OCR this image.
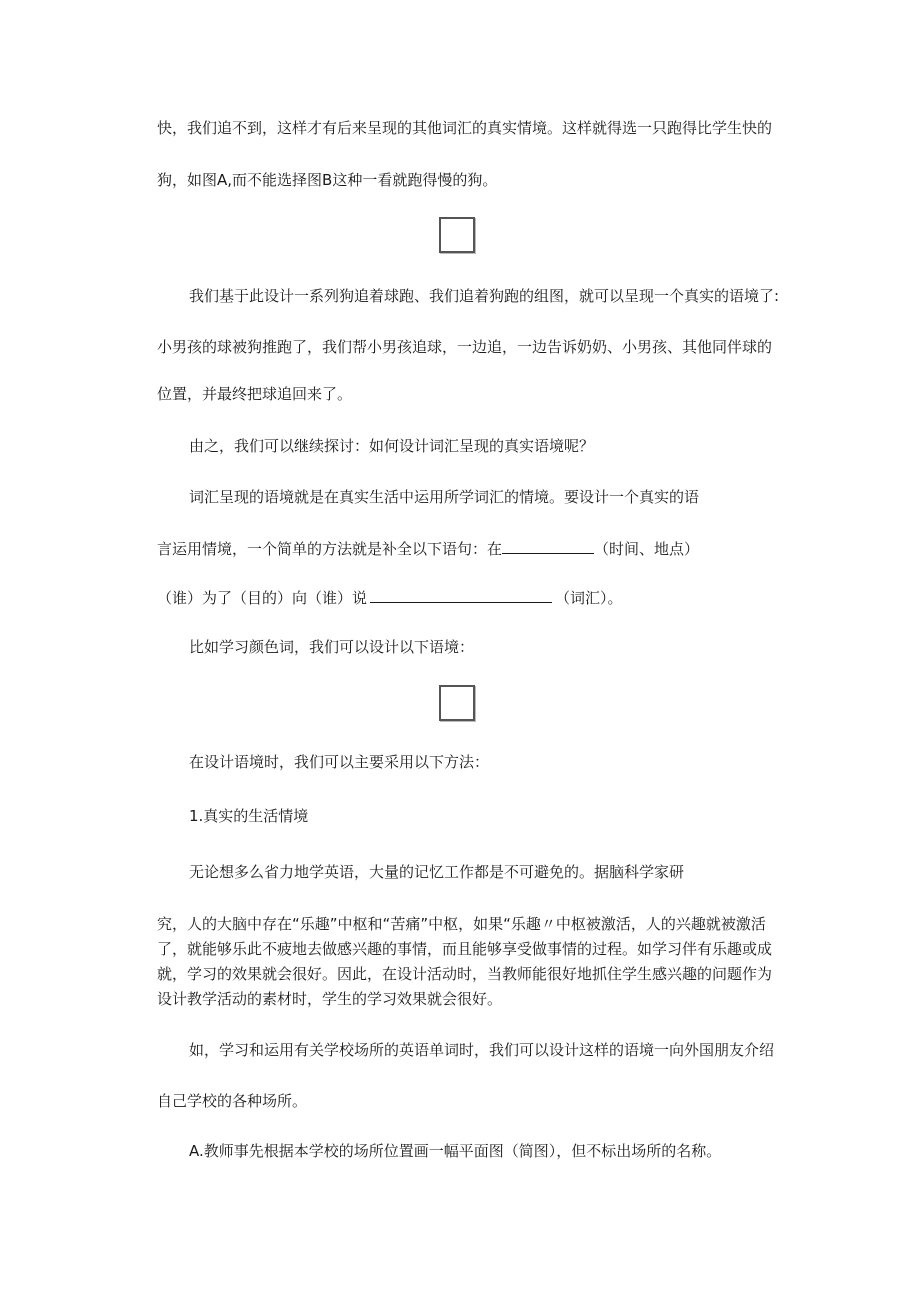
快，我们追不到，这样才有后来呈现的其他词汇的真实情境。这样就得选一只跑得比学生快的

狗，如图A,而不能选择图B这种一看就跑得慢的狗。

我们基于此设计一系列狗追着球跑、我们追着狗跑的组图，就可以呈现一个真实的语境了:

小男孩的球被狗推跑了，我们帮小男孩追球，一边追，一边告诉奶奶、小男孩、其他同伴球的

位置，并最终把球追回来了。

由之，我们可以继续探讨：如何设计词汇呈现的真实语境呢？

词汇呈现的语境就是在真实生活中运用所学词汇的情境。要设计一个真实的语

言运用情境，一个简单的方法就是补全以下语句：在	（时间、地点）

（谁）为了（目的）向（谁）说	（词汇）。

比如学习颜色词，我们可以设计以下语境：

在设计语境时，我们可以主要采用以下方法：

1.真实的生活情境

无论想多么省力地学英语，大量的记忆工作都是不可避免的。据脑科学家研

究，人的大脑中存在“乐趣”中枢和“苦痛”中枢，如果“乐趣〃中枢被激活，人的兴趣就被激活

了，就能够乐此不疲地去做感兴趣的事情，而且能够享受做事情的过程。如学习伴有乐趣或成

就，学习的效果就会很好。因此，在设计活动时，当教师能很好地抓住学生感兴趣的问题作为

设计教学活动的素材时，学生的学习效果就会很好。

如，学习和运用有关学校场所的英语单词时，我们可以设计这样的语境一向外国朋友介绍

自己学校的各种场所。

A.教师事先根据本学校的场所位置画一幅平面图（简图），但不标出场所的名称。
